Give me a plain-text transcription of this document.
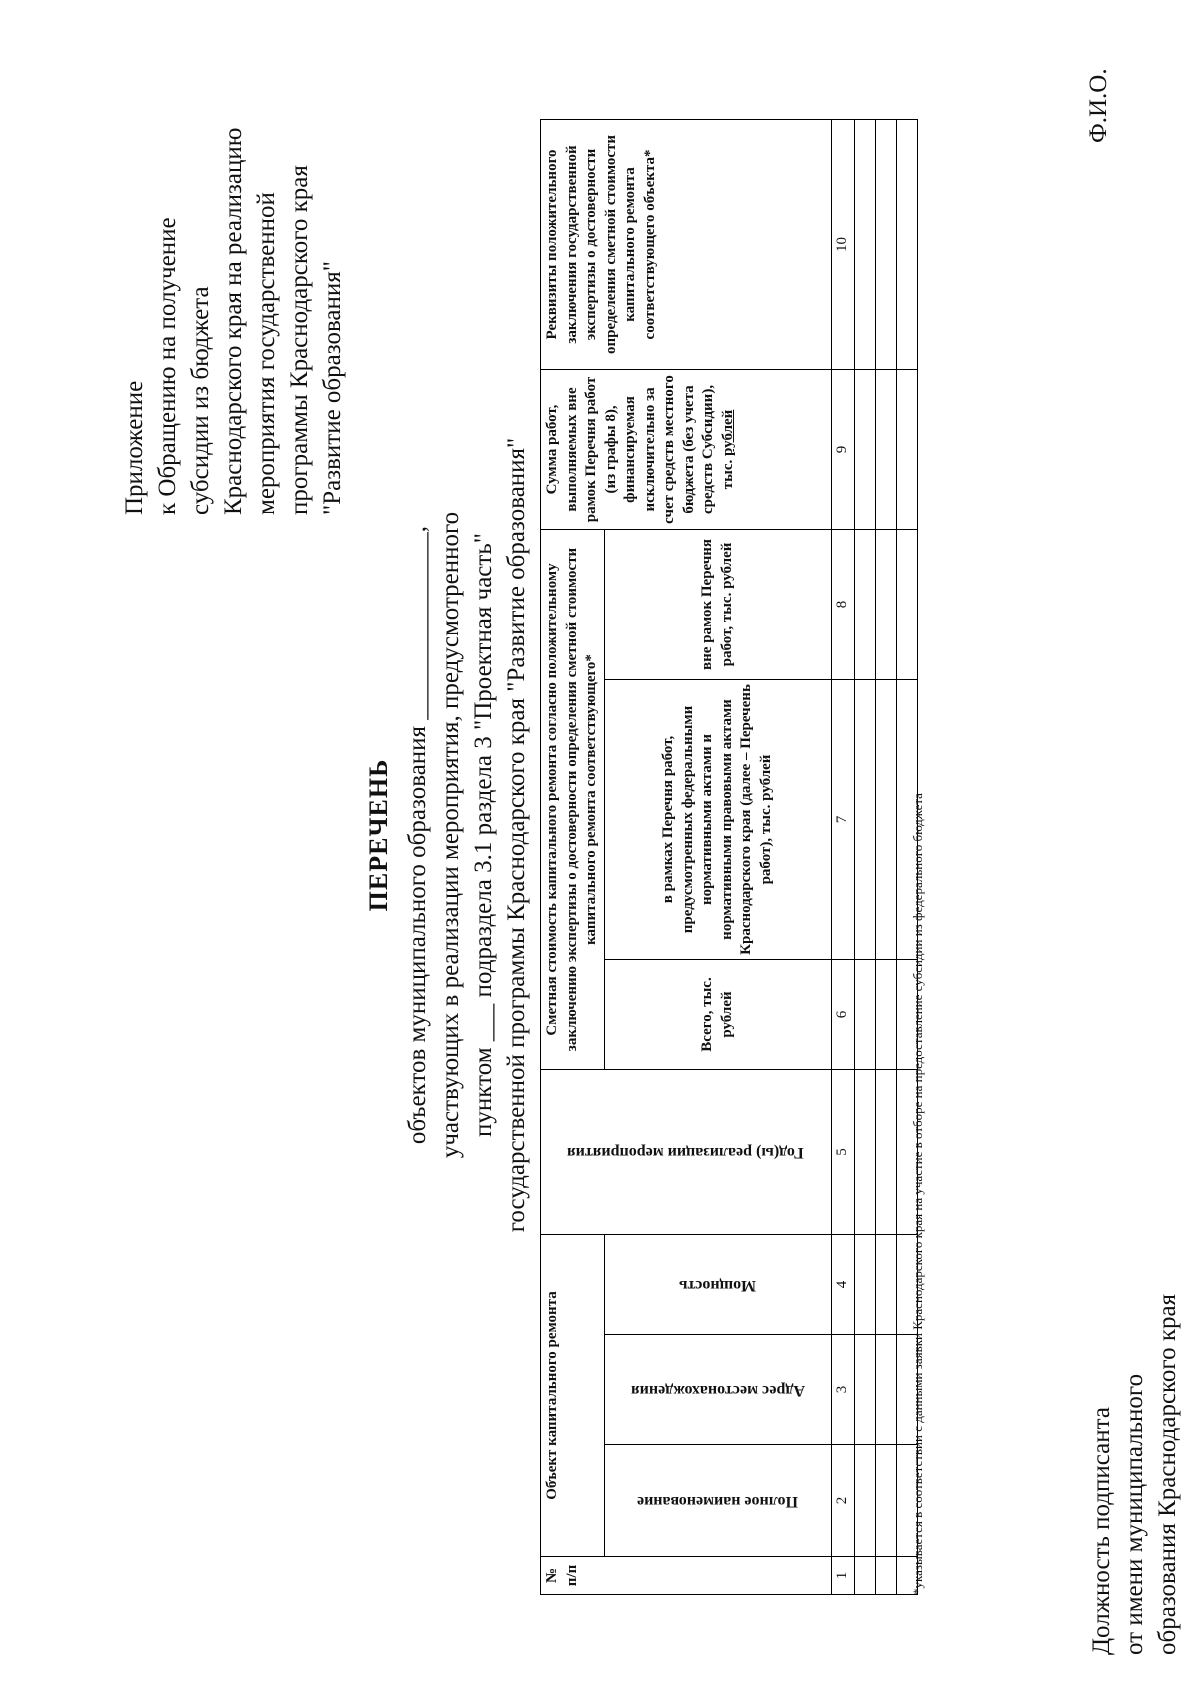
Приложение к Обращению на получение субсидии из бюджета Краснодарского края на реализацию мероприятия государственной программы Краснодарского края "Развитие образования"
ПЕРЕЧЕНЬ объектов муниципального образования _______________, участвующих в реализации мероприятия, предусмотренного пунктом ___ подраздела 3.1 раздела 3 "Проектная часть" государственной программы Краснодарского края "Развитие образования"
№ п/п	Объект капитального ремонта			Год(ы) реализации мероприятия	Сметная стоимость капитального ремонта согласно положительному заключению экспертизы о достоверности определения сметной стоимости капитального ремонта соответствующего*			Сумма работ, выполняемых вне рамок Перечня работ (из графы 8), финансируемая исключительно за счет средств местного бюджета (без учета средств Субсидии), тыс. рублей	Реквизиты положительного заключения государственной экспертизы о достоверности определения сметной стоимости капитального ремонта соответствующего объекта*

	Полное наименование	Адрес местонахождения	Мощность		Всего, тыс. рублей	в рамках Перечня работ, предусмотренных федеральными нормативными актами и нормативными правовыми актами Краснодарского края (далее – Перечень работ), тыс. рублей	вне рамок Перечня работ, тыс. рублей		
1	2	3	4	5	6	7	8	9	10

*указывается в соответствии с данными заявки Краснодарского края на участие в отборе на предоставление субсидии из федерального бюджета	Должность подписанта от имени муниципального образования Краснодарского края
Ф.И.О.
